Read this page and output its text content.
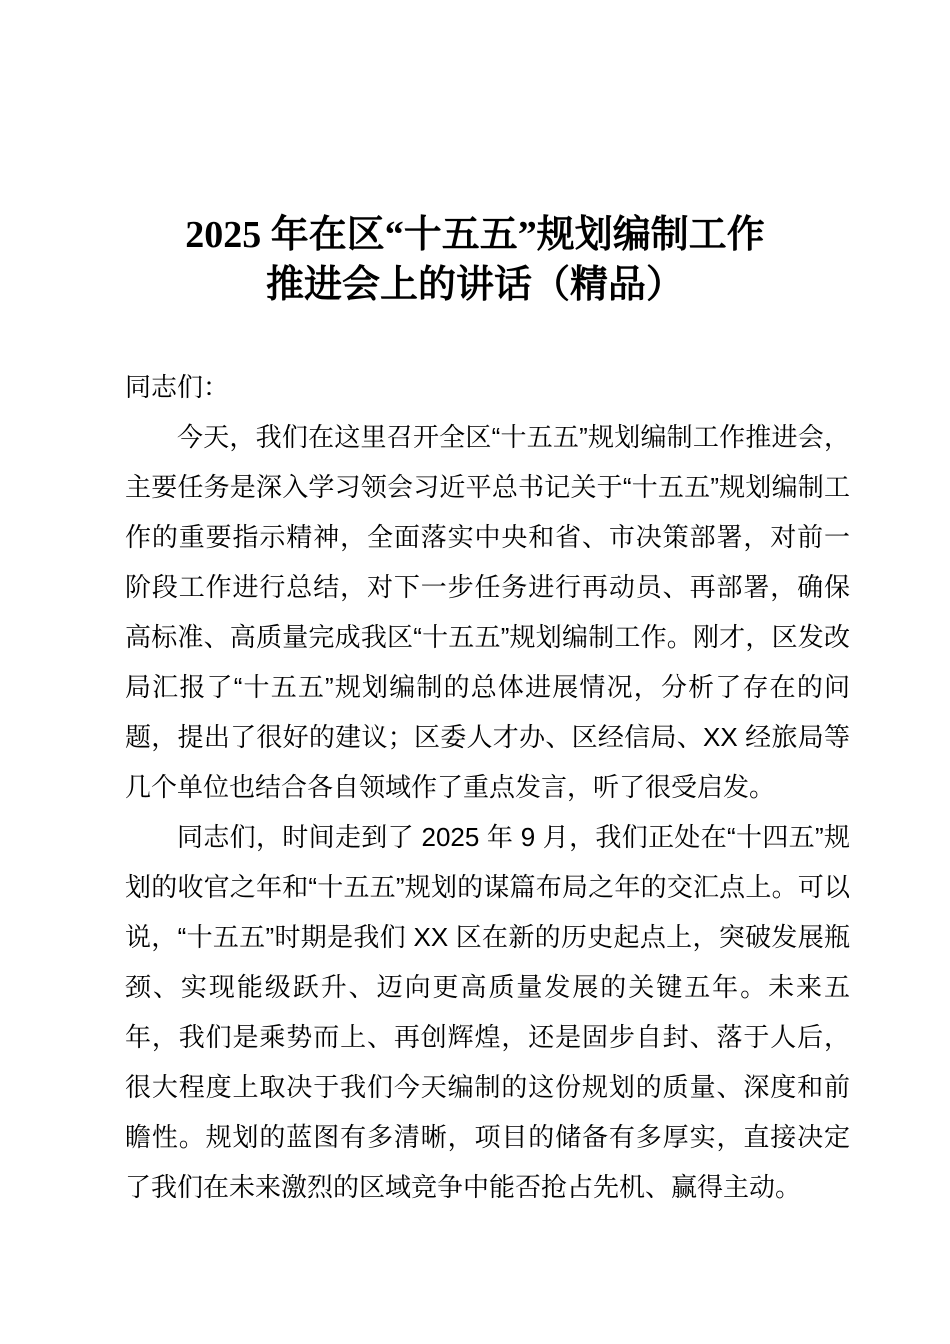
2025 年在区“十五五”规划编制工作
推进会上的讲话（精品）

同志们：

今天，我们在这里召开全区“十五五”规划编制工作推进会，主要任务是深入学习领会习近平总书记关于“十五五”规划编制工作的重要指示精神，全面落实中央和省、市决策部署，对前一阶段工作进行总结，对下一步任务进行再动员、再部署，确保高标准、高质量完成我区“十五五”规划编制工作。刚才，区发改局汇报了“十五五”规划编制的总体进展情况，分析了存在的问题，提出了很好的建议；区委人才办、区经信局、XX 经旅局等几个单位也结合各自领域作了重点发言，听了很受启发。

同志们，时间走到了 2025 年 9 月，我们正处在“十四五”规划的收官之年和“十五五”规划的谋篇布局之年的交汇点上。可以说，“十五五”时期是我们 XX 区在新的历史起点上，突破发展瓶颈、实现能级跃升、迈向更高质量发展的关键五年。未来五年，我们是乘势而上、再创辉煌，还是固步自封、落于人后，很大程度上取决于我们今天编制的这份规划的质量、深度和前瞻性。规划的蓝图有多清晰，项目的储备有多厚实，直接决定了我们在未来激烈的区域竞争中能否抢占先机、赢得主动。
